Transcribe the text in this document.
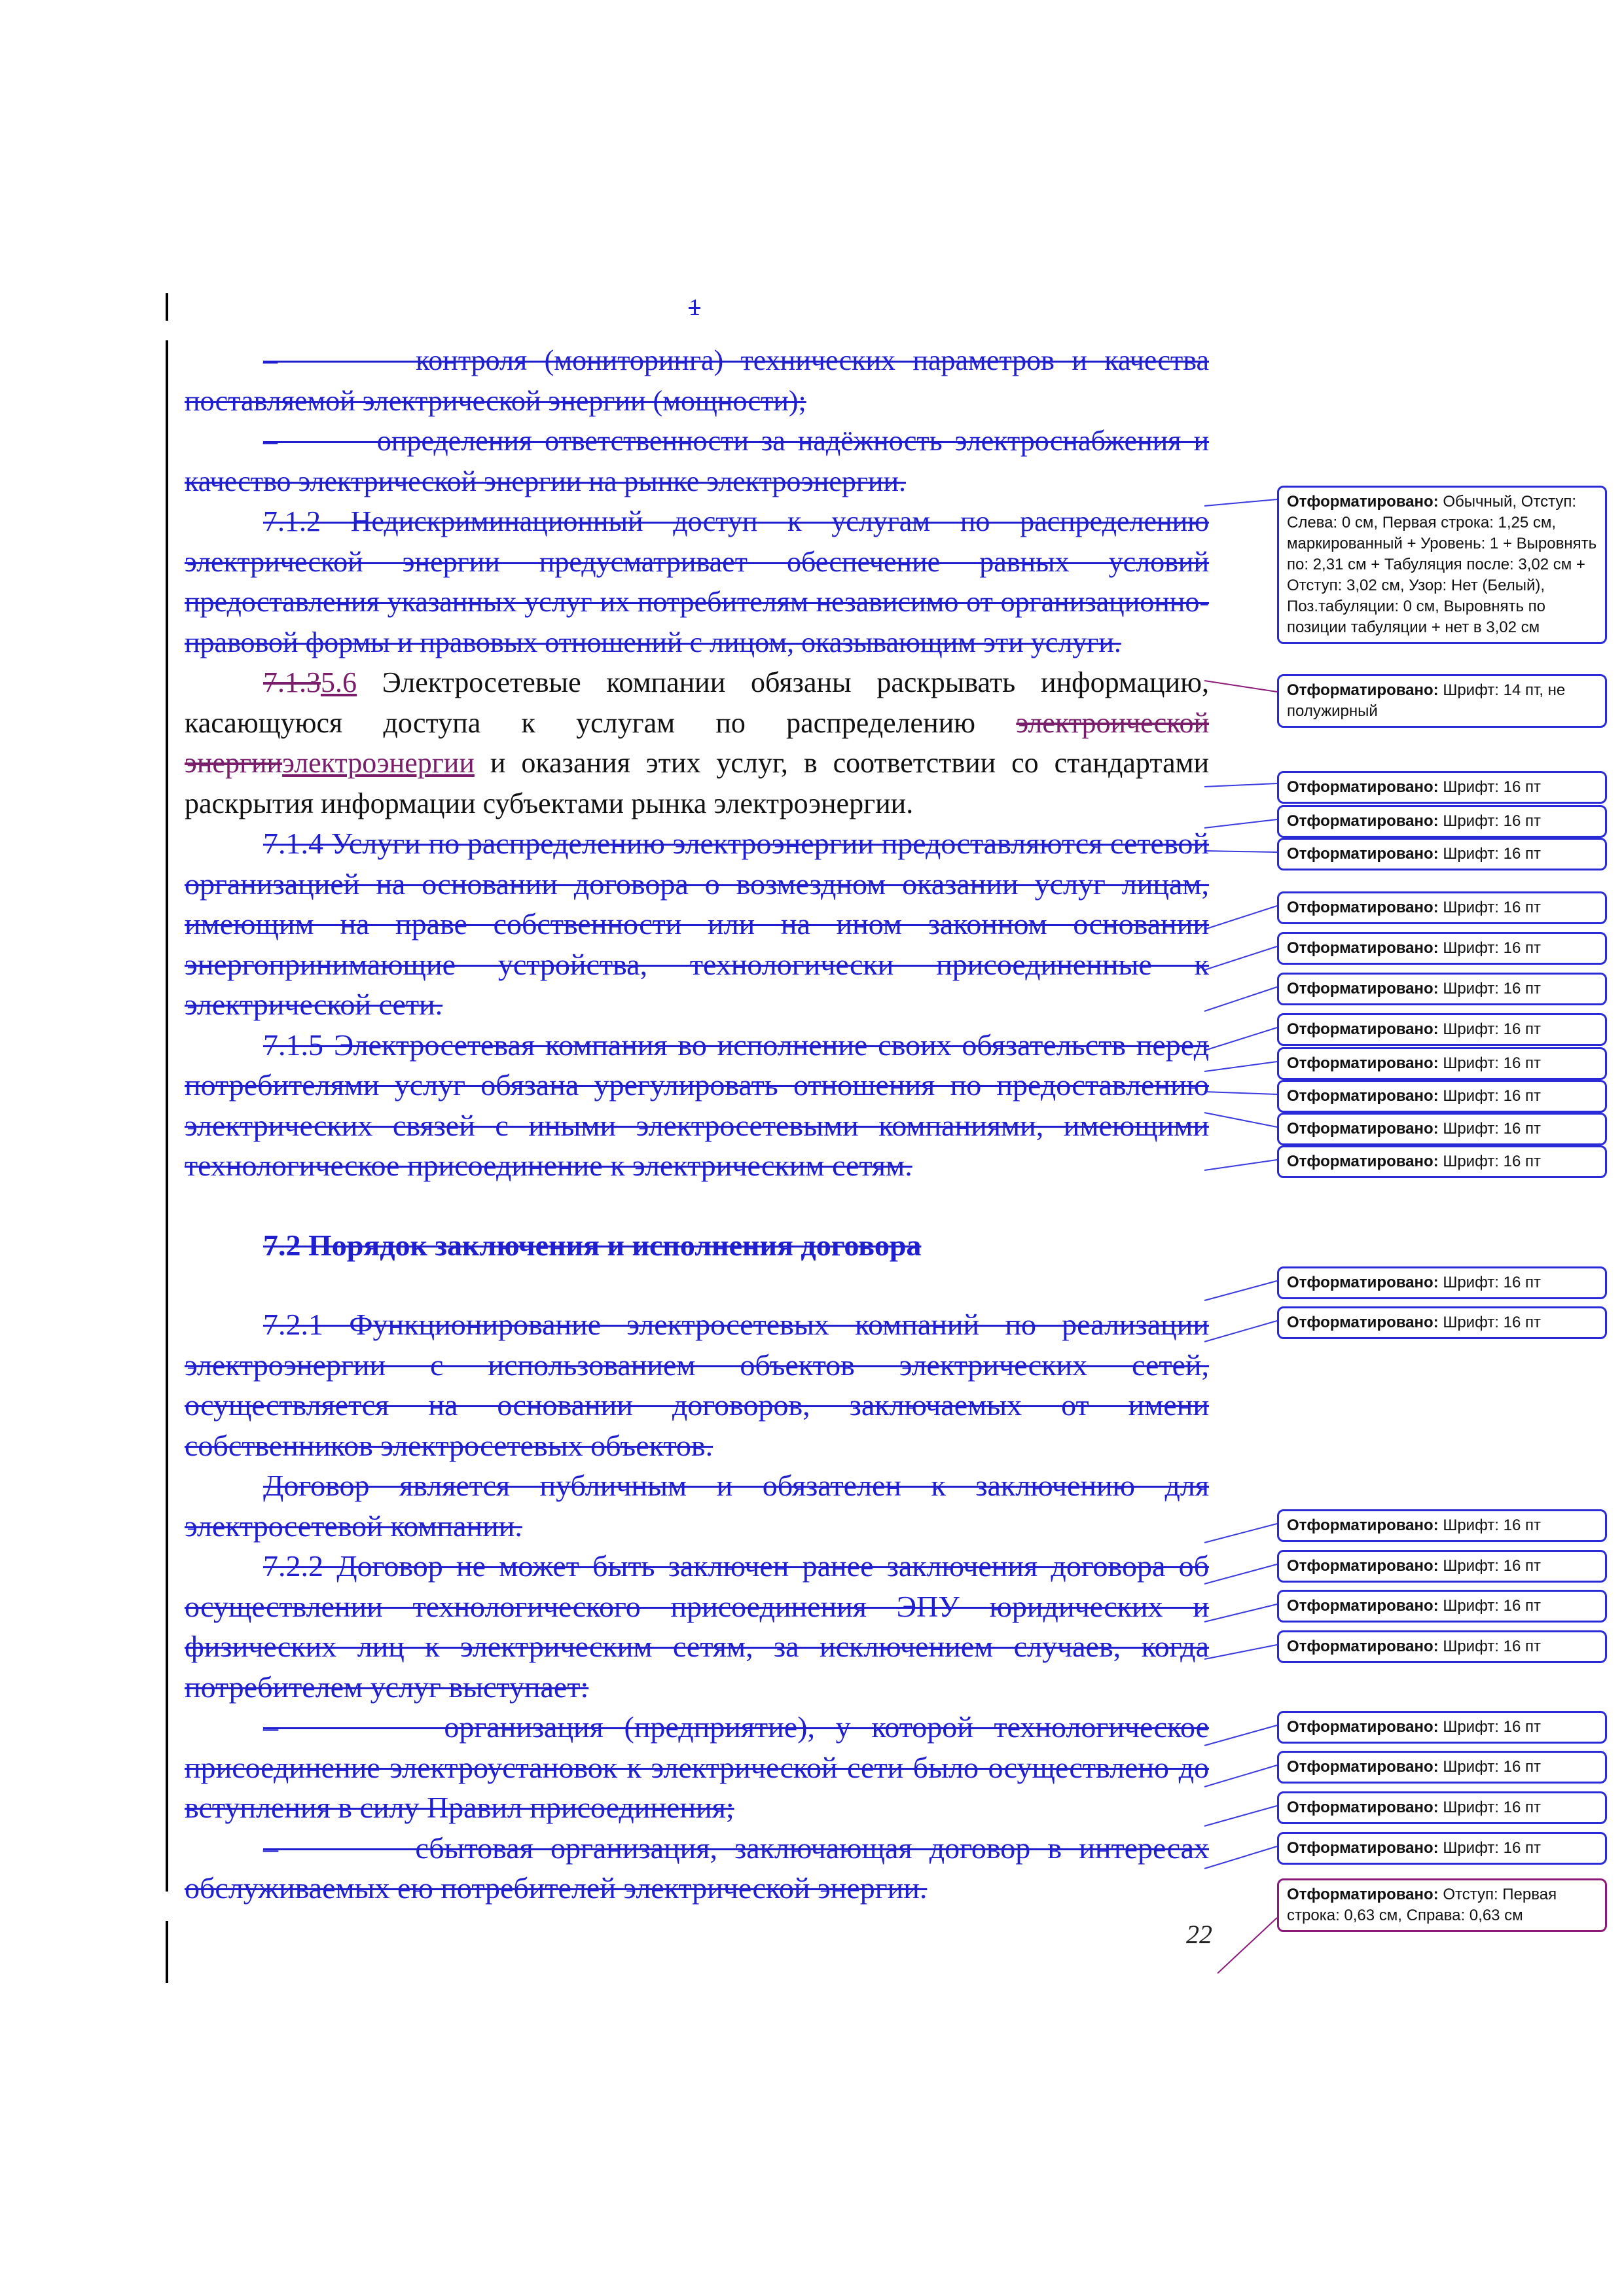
1

–        контроля (мониторинга) технических параметров и качества поставляемой электрической энергии (мощности);

–        определения ответственности за надёжность электроснабжения и качество электрической энергии на рынке электроэнергии.

7.1.2 Недискриминационный доступ к услугам по распределению электрической энергии предусматривает обеспечение равных условий предоставления указанных услуг их потребителям независимо от организационно-правовой формы и правовых отношений с лицом, оказывающим эти услуги.

7.1.35.6 Электросетевые компании обязаны раскрывать информацию, касающуюся доступа к услугам по распределению электроической энергииэлектроэнергии и оказания этих услуг, в соответствии со стандартами раскрытия информации субъектами рынка электроэнергии.

7.1.4 Услуги по распределению электроэнергии предоставляются сетевой организацией на основании договора о возмездном оказании услуг лицам, имеющим на праве собственности или на ином законном основании энергопринимающие устройства, технологически присоединенные к электрической сети.

7.1.5 Электросетевая компания во исполнение своих обязательств перед потребителями услуг обязана урегулировать отношения по предоставлению электрических связей с иными электросетевыми компаниями, имеющими технологическое присоединение к электрическим сетям.

7.2 Порядок заключения и исполнения договора

7.2.1 Функционирование электросетевых компаний по реализации электроэнергии с использованием объектов электрических сетей, осуществляется на основании договоров, заключаемых от имени собственников электросетевых объектов.

Договор является публичным и обязателен к заключению для электросетевой компании.

7.2.2 Договор не может быть заключен ранее заключения договора об осуществлении технологического присоединения ЭПУ юридических и физических лиц к электрическим сетям, за исключением случаев, когда потребителем услуг выступает:

–        организация (предприятие), у которой технологическое присоединение электроустановок к электрической сети было осуществлено до вступления в силу Правил присоединения;

–        сбытовая организация, заключающая договор в интересах обслуживаемых ею потребителей электрической энергии.

22
Отформатировано: Обычный, Отступ: Слева: 0 см, Первая строка: 1,25 см, маркированный + Уровень: 1 + Выровнять по: 2,31 см + Табуляция после: 3,02 см + Отступ: 3,02 см, Узор: Нет (Белый), Поз.табуляции: 0 см, Выровнять по позиции табуляции + нет в 3,02 см
Отформатировано: Шрифт: 14 пт, не полужирный
Отформатировано: Шрифт: 16 пт
Отформатировано: Шрифт: 16 пт
Отформатировано: Шрифт: 16 пт
Отформатировано: Шрифт: 16 пт
Отформатировано: Шрифт: 16 пт
Отформатировано: Шрифт: 16 пт
Отформатировано: Шрифт: 16 пт
Отформатировано: Шрифт: 16 пт
Отформатировано: Шрифт: 16 пт
Отформатировано: Шрифт: 16 пт
Отформатировано: Шрифт: 16 пт
Отформатировано: Шрифт: 16 пт
Отформатировано: Шрифт: 16 пт
Отформатировано: Шрифт: 16 пт
Отформатировано: Шрифт: 16 пт
Отформатировано: Шрифт: 16 пт
Отформатировано: Шрифт: 16 пт
Отформатировано: Шрифт: 16 пт
Отформатировано: Шрифт: 16 пт
Отформатировано: Шрифт: 16 пт
Отформатировано: Шрифт: 16 пт
Отформатировано: Отступ: Первая строка: 0,63 см, Справа: 0,63 см
